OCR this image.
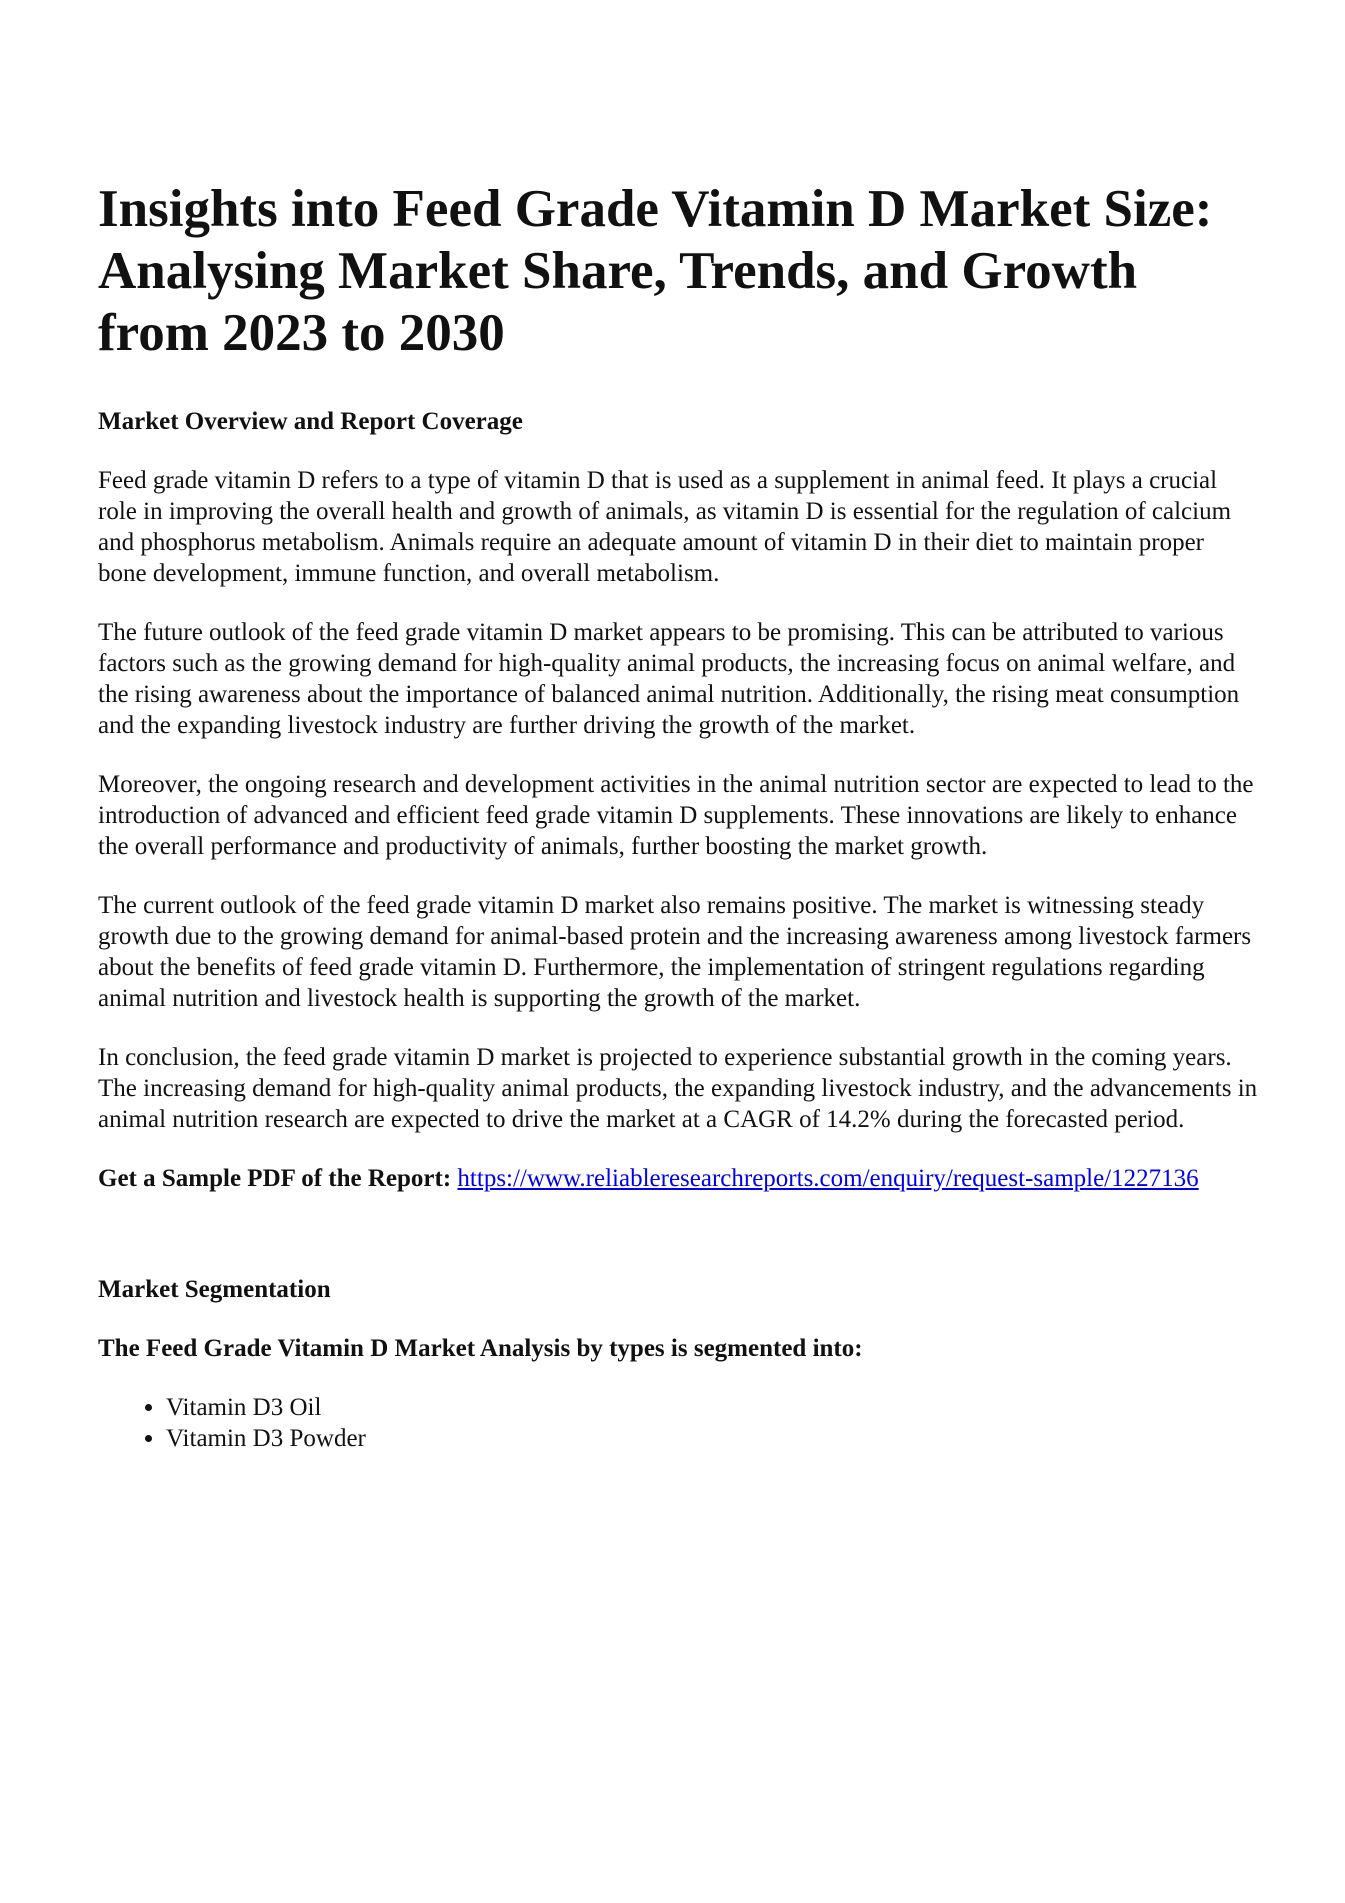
Insights into Feed Grade Vitamin D Market Size: Analysing Market Share, Trends, and Growth from 2023 to 2030
Market Overview and Report Coverage

Feed grade vitamin D refers to a type of vitamin D that is used as a supplement in animal feed. It plays a crucial role in improving the overall health and growth of animals, as vitamin D is essential for the regulation of calcium and phosphorus metabolism. Animals require an adequate amount of vitamin D in their diet to maintain proper bone development, immune function, and overall metabolism.

The future outlook of the feed grade vitamin D market appears to be promising. This can be attributed to various factors such as the growing demand for high-quality animal products, the increasing focus on animal welfare, and the rising awareness about the importance of balanced animal nutrition. Additionally, the rising meat consumption and the expanding livestock industry are further driving the growth of the market.

Moreover, the ongoing research and development activities in the animal nutrition sector are expected to lead to the introduction of advanced and efficient feed grade vitamin D supplements. These innovations are likely to enhance the overall performance and productivity of animals, further boosting the market growth.

The current outlook of the feed grade vitamin D market also remains positive. The market is witnessing steady growth due to the growing demand for animal-based protein and the increasing awareness among livestock farmers about the benefits of feed grade vitamin D. Furthermore, the implementation of stringent regulations regarding animal nutrition and livestock health is supporting the growth of the market.

In conclusion, the feed grade vitamin D market is projected to experience substantial growth in the coming years. The increasing demand for high-quality animal products, the expanding livestock industry, and the advancements in animal nutrition research are expected to drive the market at a CAGR of 14.2% during the forecasted period.

Get a Sample PDF of the Report: https://www.reliableresearchreports.com/enquiry/request-sample/1227136

Market Segmentation
The Feed Grade Vitamin D Market Analysis by types is segmented into:
• Vitamin D3 Oil
• Vitamin D3 Powder
